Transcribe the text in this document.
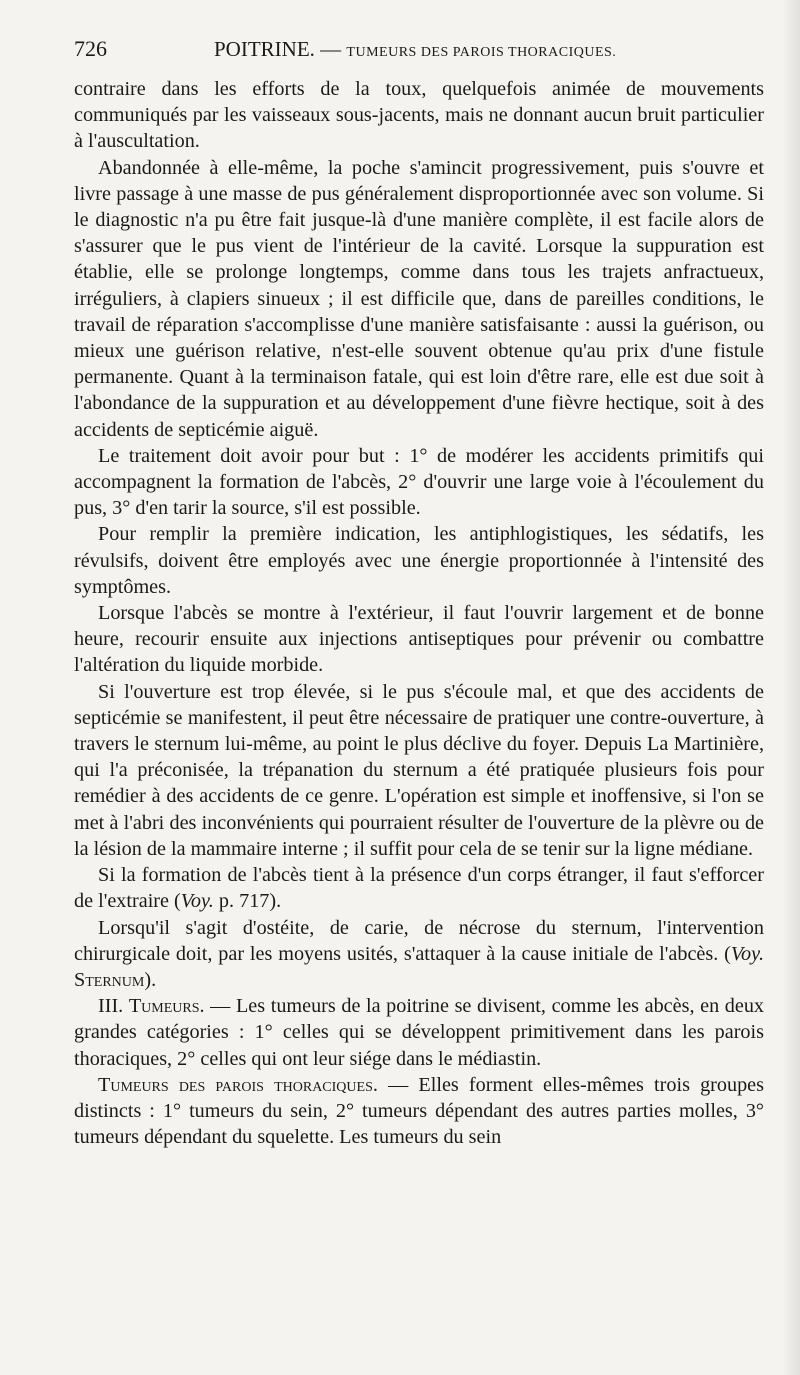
726	POITRINE. — TUMEURS DES PAROIS THORACIQUES.

contraire dans les efforts de la toux, quelquefois animée de mouvements communiqués par les vaisseaux sous-jacents, mais ne donnant aucun bruit particulier à l'auscultation.

Abandonnée à elle-même, la poche s'amincit progressivement, puis s'ouvre et livre passage à une masse de pus généralement disproportionnée avec son volume. Si le diagnostic n'a pu être fait jusque-là d'une manière complète, il est facile alors de s'assurer que le pus vient de l'intérieur de la cavité. Lorsque la suppuration est établie, elle se prolonge longtemps, comme dans tous les trajets anfractueux, irréguliers, à clapiers sinueux ; il est difficile que, dans de pareilles conditions, le travail de réparation s'accomplisse d'une manière satisfaisante : aussi la guérison, ou mieux une guérison relative, n'est-elle souvent obtenue qu'au prix d'une fistule permanente. Quant à la terminaison fatale, qui est loin d'être rare, elle est due soit à l'abondance de la suppuration et au développement d'une fièvre hectique, soit à des accidents de septicémie aiguë.

Le traitement doit avoir pour but : 1° de modérer les accidents primitifs qui accompagnent la formation de l'abcès, 2° d'ouvrir une large voie à l'écoulement du pus, 3° d'en tarir la source, s'il est possible.

Pour remplir la première indication, les antiphlogistiques, les sédatifs, les révulsifs, doivent être employés avec une énergie proportionnée à l'intensité des symptômes.

Lorsque l'abcès se montre à l'extérieur, il faut l'ouvrir largement et de bonne heure, recourir ensuite aux injections antiseptiques pour prévenir ou combattre l'altération du liquide morbide.

Si l'ouverture est trop élevée, si le pus s'écoule mal, et que des accidents de septicémie se manifestent, il peut être nécessaire de pratiquer une contre-ouverture, à travers le sternum lui-même, au point le plus déclive du foyer. Depuis La Martinière, qui l'a préconisée, la trépanation du sternum a été pratiquée plusieurs fois pour remédier à des accidents de ce genre. L'opération est simple et inoffensive, si l'on se met à l'abri des inconvénients qui pourraient résulter de l'ouverture de la plèvre ou de la lésion de la mammaire interne ; il suffit pour cela de se tenir sur la ligne médiane.

Si la formation de l'abcès tient à la présence d'un corps étranger, il faut s'efforcer de l'extraire (Voy. p. 717).

Lorsqu'il s'agit d'ostéite, de carie, de nécrose du sternum, l'intervention chirurgicale doit, par les moyens usités, s'attaquer à la cause initiale de l'abcès. (Voy. Sternum).

III. Tumeurs. — Les tumeurs de la poitrine se divisent, comme les abcès, en deux grandes catégories : 1° celles qui se développent primitivement dans les parois thoraciques, 2° celles qui ont leur siége dans le médiastin.

Tumeurs des parois thoraciques. — Elles forment elles-mêmes trois groupes distincts : 1° tumeurs du sein, 2° tumeurs dépendant des autres parties molles, 3° tumeurs dépendant du squelette. Les tumeurs du sein
